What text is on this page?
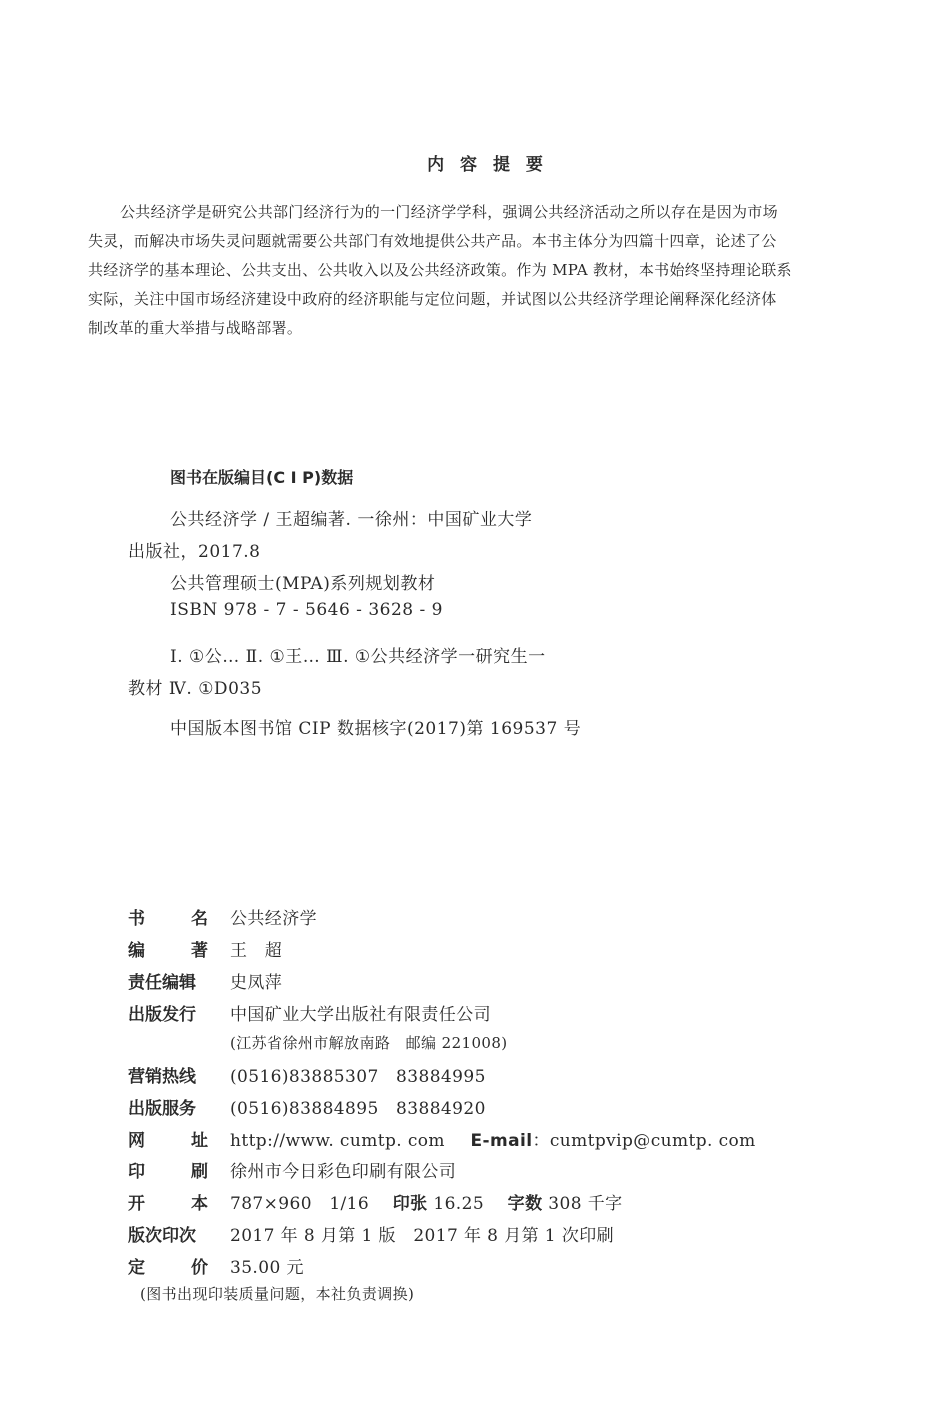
内 容 提 要
公共经济学是研究公共部门经济行为的一门经济学学科，强调公共经济活动之所以存在是因为市场
失灵，而解决市场失灵问题就需要公共部门有效地提供公共产品。本书主体分为四篇十四章，论述了公
共经济学的基本理论、公共支出、公共收入以及公共经济政策。作为 MPA 教材，本书始终坚持理论联系
实际，关注中国市场经济建设中政府的经济职能与定位问题，并试图以公共经济学理论阐释深化经济体
制改革的重大举措与战略部署。
图书在版编目(C I P)数据
公共经济学 / 王超编著. 一徐州：中国矿业大学
出版社，2017.8
公共管理硕士(MPA)系列规划教材
ISBN 978 - 7 - 5646 - 3628 - 9
Ⅰ. ①公… Ⅱ. ①王… Ⅲ. ①公共经济学一研究生一
教材 Ⅳ. ①D035
中国版本图书馆 CIP 数据核字(2017)第 169537 号
书	名 公共经济学
编	著 王　超
责任编辑	史凤萍
出版发行	中国矿业大学出版社有限责任公司
(江苏省徐州市解放南路　邮编 221008)
营销热线	(0516)83885307　83884995
出版服务	(0516)83884895　83884920
网	址 http://www. cumtp. com E-mail：cumtpvip@cumtp. com
印	刷 徐州市今日彩色印刷有限公司
开	本 787×960　1/16 印张 16.25 字数 308 千字
版次印次	2017 年 8 月第 1 版　2017 年 8 月第 1 次印刷
定	价 35.00 元
(图书出现印装质量问题，本社负责调换)
